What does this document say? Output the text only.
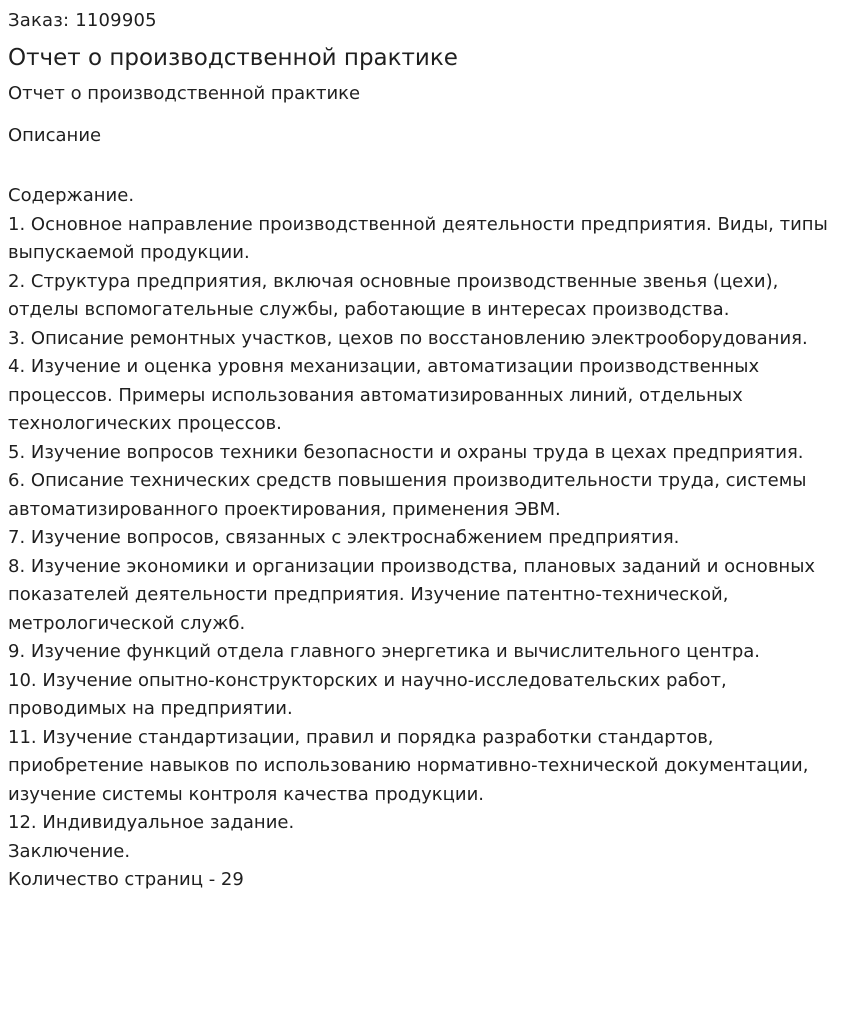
Заказ: 1109905
Отчет о производственной практике
Отчет о производственной практике
Описание
Содержание.
1. Основное направление производственной деятельности предприятия. Виды, типы выпускаемой продукции.
2. Структура предприятия, включая основные производственные звенья (цехи), отделы вспомогательные службы, работающие в интересах производства.
3. Описание ремонтных участков, цехов по восстановлению электрооборудования.
4. Изучение и оценка уровня механизации, автоматизации производственных процессов. Примеры использования автоматизированных линий, отдельных технологических процессов.
5. Изучение вопросов техники безопасности и охраны труда в цехах предприятия.
6. Описание технических средств повышения производительности труда, системы автоматизированного проектирования, применения ЭВМ.
7. Изучение вопросов, связанных с электроснабжением предприятия.
8. Изучение экономики и организации производства, плановых заданий и основных показателей деятельности предприятия. Изучение патентно-технической, метрологической служб.
9. Изучение функций отдела главного энергетика и вычислительного центра.
10. Изучение опытно-конструкторских и научно-исследовательских работ, проводимых на предприятии.
11. Изучение стандартизации, правил и порядка разработки стандартов, приобретение навыков по использованию нормативно-технической документации, изучение системы контроля качества продукции.
12. Индивидуальное задание.
Заключение.
Количество страниц - 29
